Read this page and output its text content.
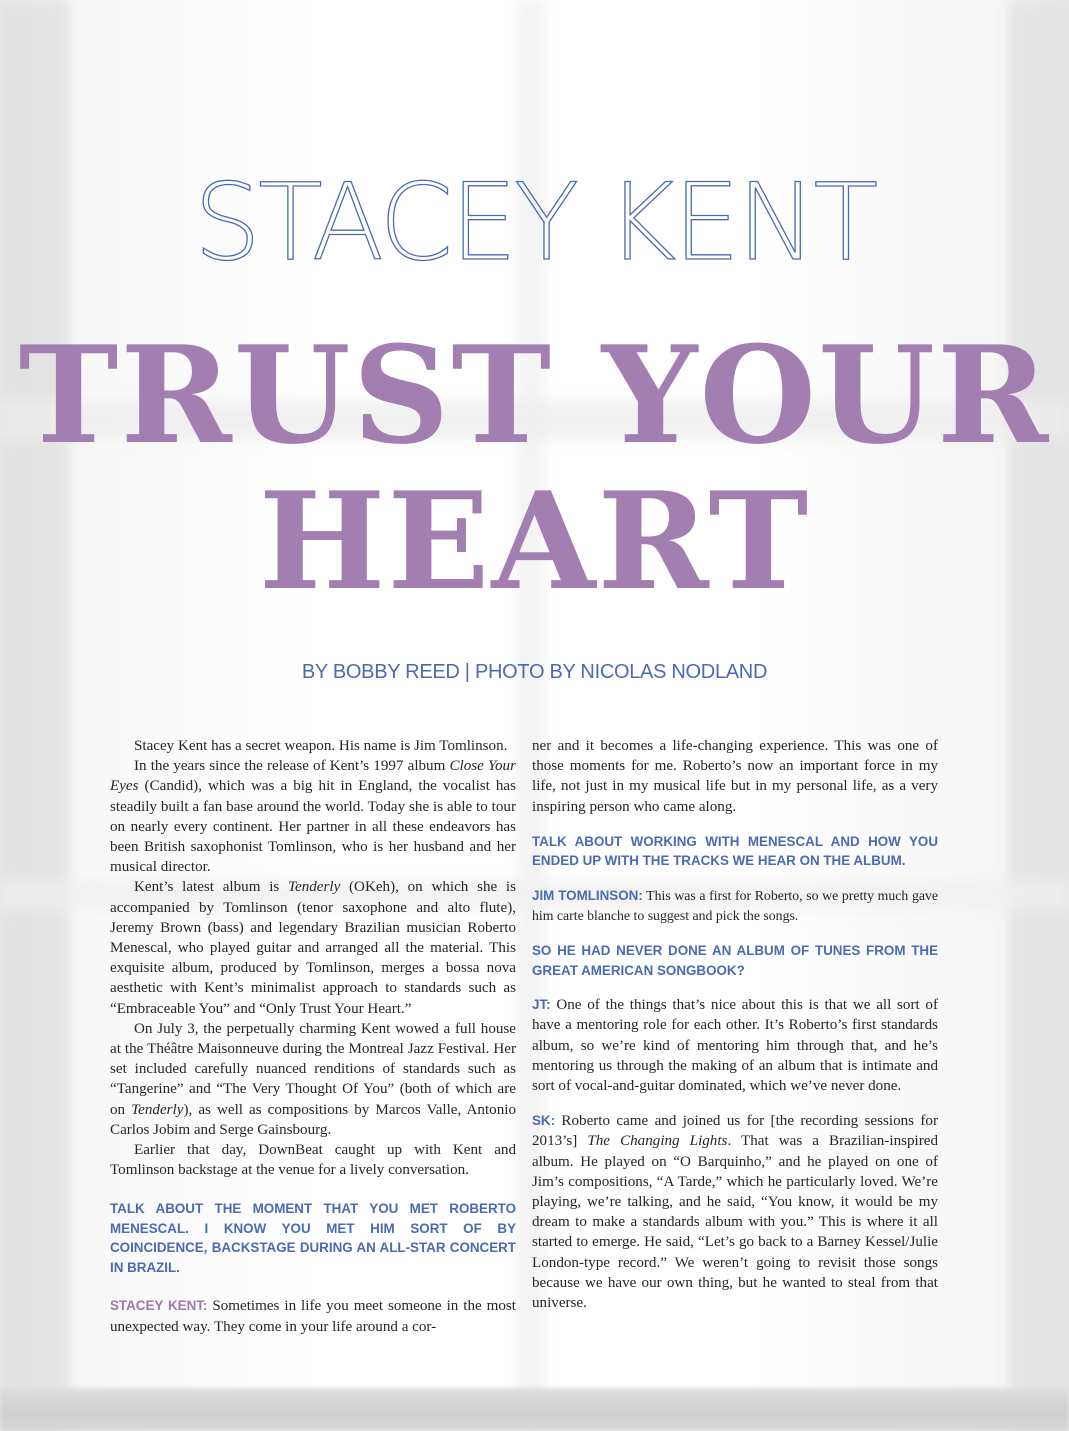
STACEY KENT
TRUST YOUR
HEART
BY BOBBY REED | PHOTO BY NICOLAS NODLAND

Stacey Kent has a secret weapon. His name is Jim Tomlinson.

In the years since the release of Kent’s 1997 album Close Your Eyes (Candid), which was a big hit in England, the vocalist has steadily built a fan base around the world. Today she is able to tour on nearly every continent. Her partner in all these endeavors has been British saxophonist Tomlinson, who is her husband and her musical director.

Kent’s latest album is Tenderly (OKeh), on which she is accompanied by Tomlinson (tenor saxophone and alto flute), Jeremy Brown (bass) and legendary Brazilian musician Roberto Menescal, who played guitar and arranged all the material. This exquisite album, produced by Tomlinson, merges a bossa nova aesthetic with Kent’s minimalist approach to standards such as “Embraceable You” and “Only Trust Your Heart.”

On July 3, the perpetually charming Kent wowed a full house at the Théâtre Maisonneuve during the Montreal Jazz Festival. Her set included carefully nuanced renditions of standards such as “Tangerine” and “The Very Thought Of You” (both of which are on Tenderly), as well as compositions by Marcos Valle, Antonio Carlos Jobim and Serge Gainsbourg.

Earlier that day, DownBeat caught up with Kent and Tomlinson backstage at the venue for a lively conversation.

TALK ABOUT THE MOMENT THAT YOU MET ROBERTO MENESCAL. I KNOW YOU MET HIM SORT OF BY COINCIDENCE, BACKSTAGE DURING AN ALL-STAR CONCERT IN BRAZIL.

STACEY KENT: Sometimes in life you meet someone in the most unexpected way. They come in your life around a cor-

ner and it becomes a life-changing experience. This was one of those moments for me. Roberto’s now an important force in my life, not just in my musical life but in my personal life, as a very inspiring person who came along.

TALK ABOUT WORKING WITH MENESCAL AND HOW YOU ENDED UP WITH THE TRACKS WE HEAR ON THE ALBUM.

JIM TOMLINSON: This was a first for Roberto, so we pretty much gave him carte blanche to suggest and pick the songs.

SO HE HAD NEVER DONE AN ALBUM OF TUNES FROM THE GREAT AMERICAN SONGBOOK?

JT: One of the things that’s nice about this is that we all sort of have a mentoring role for each other. It’s Roberto’s first standards album, so we’re kind of mentoring him through that, and he’s mentoring us through the making of an album that is intimate and sort of vocal-and-guitar dominated, which we’ve never done.

SK: Roberto came and joined us for [the recording sessions for 2013’s] The Changing Lights. That was a Brazilian-inspired album. He played on “O Barquinho,” and he played on one of Jim’s compositions, “A Tarde,” which he particularly loved. We’re playing, we’re talking, and he said, “You know, it would be my dream to make a standards album with you.” This is where it all started to emerge. He said, “Let’s go back to a Barney Kessel/Julie London-type record.” We weren’t going to revisit those songs because we have our own thing, but he wanted to steal from that universe.
